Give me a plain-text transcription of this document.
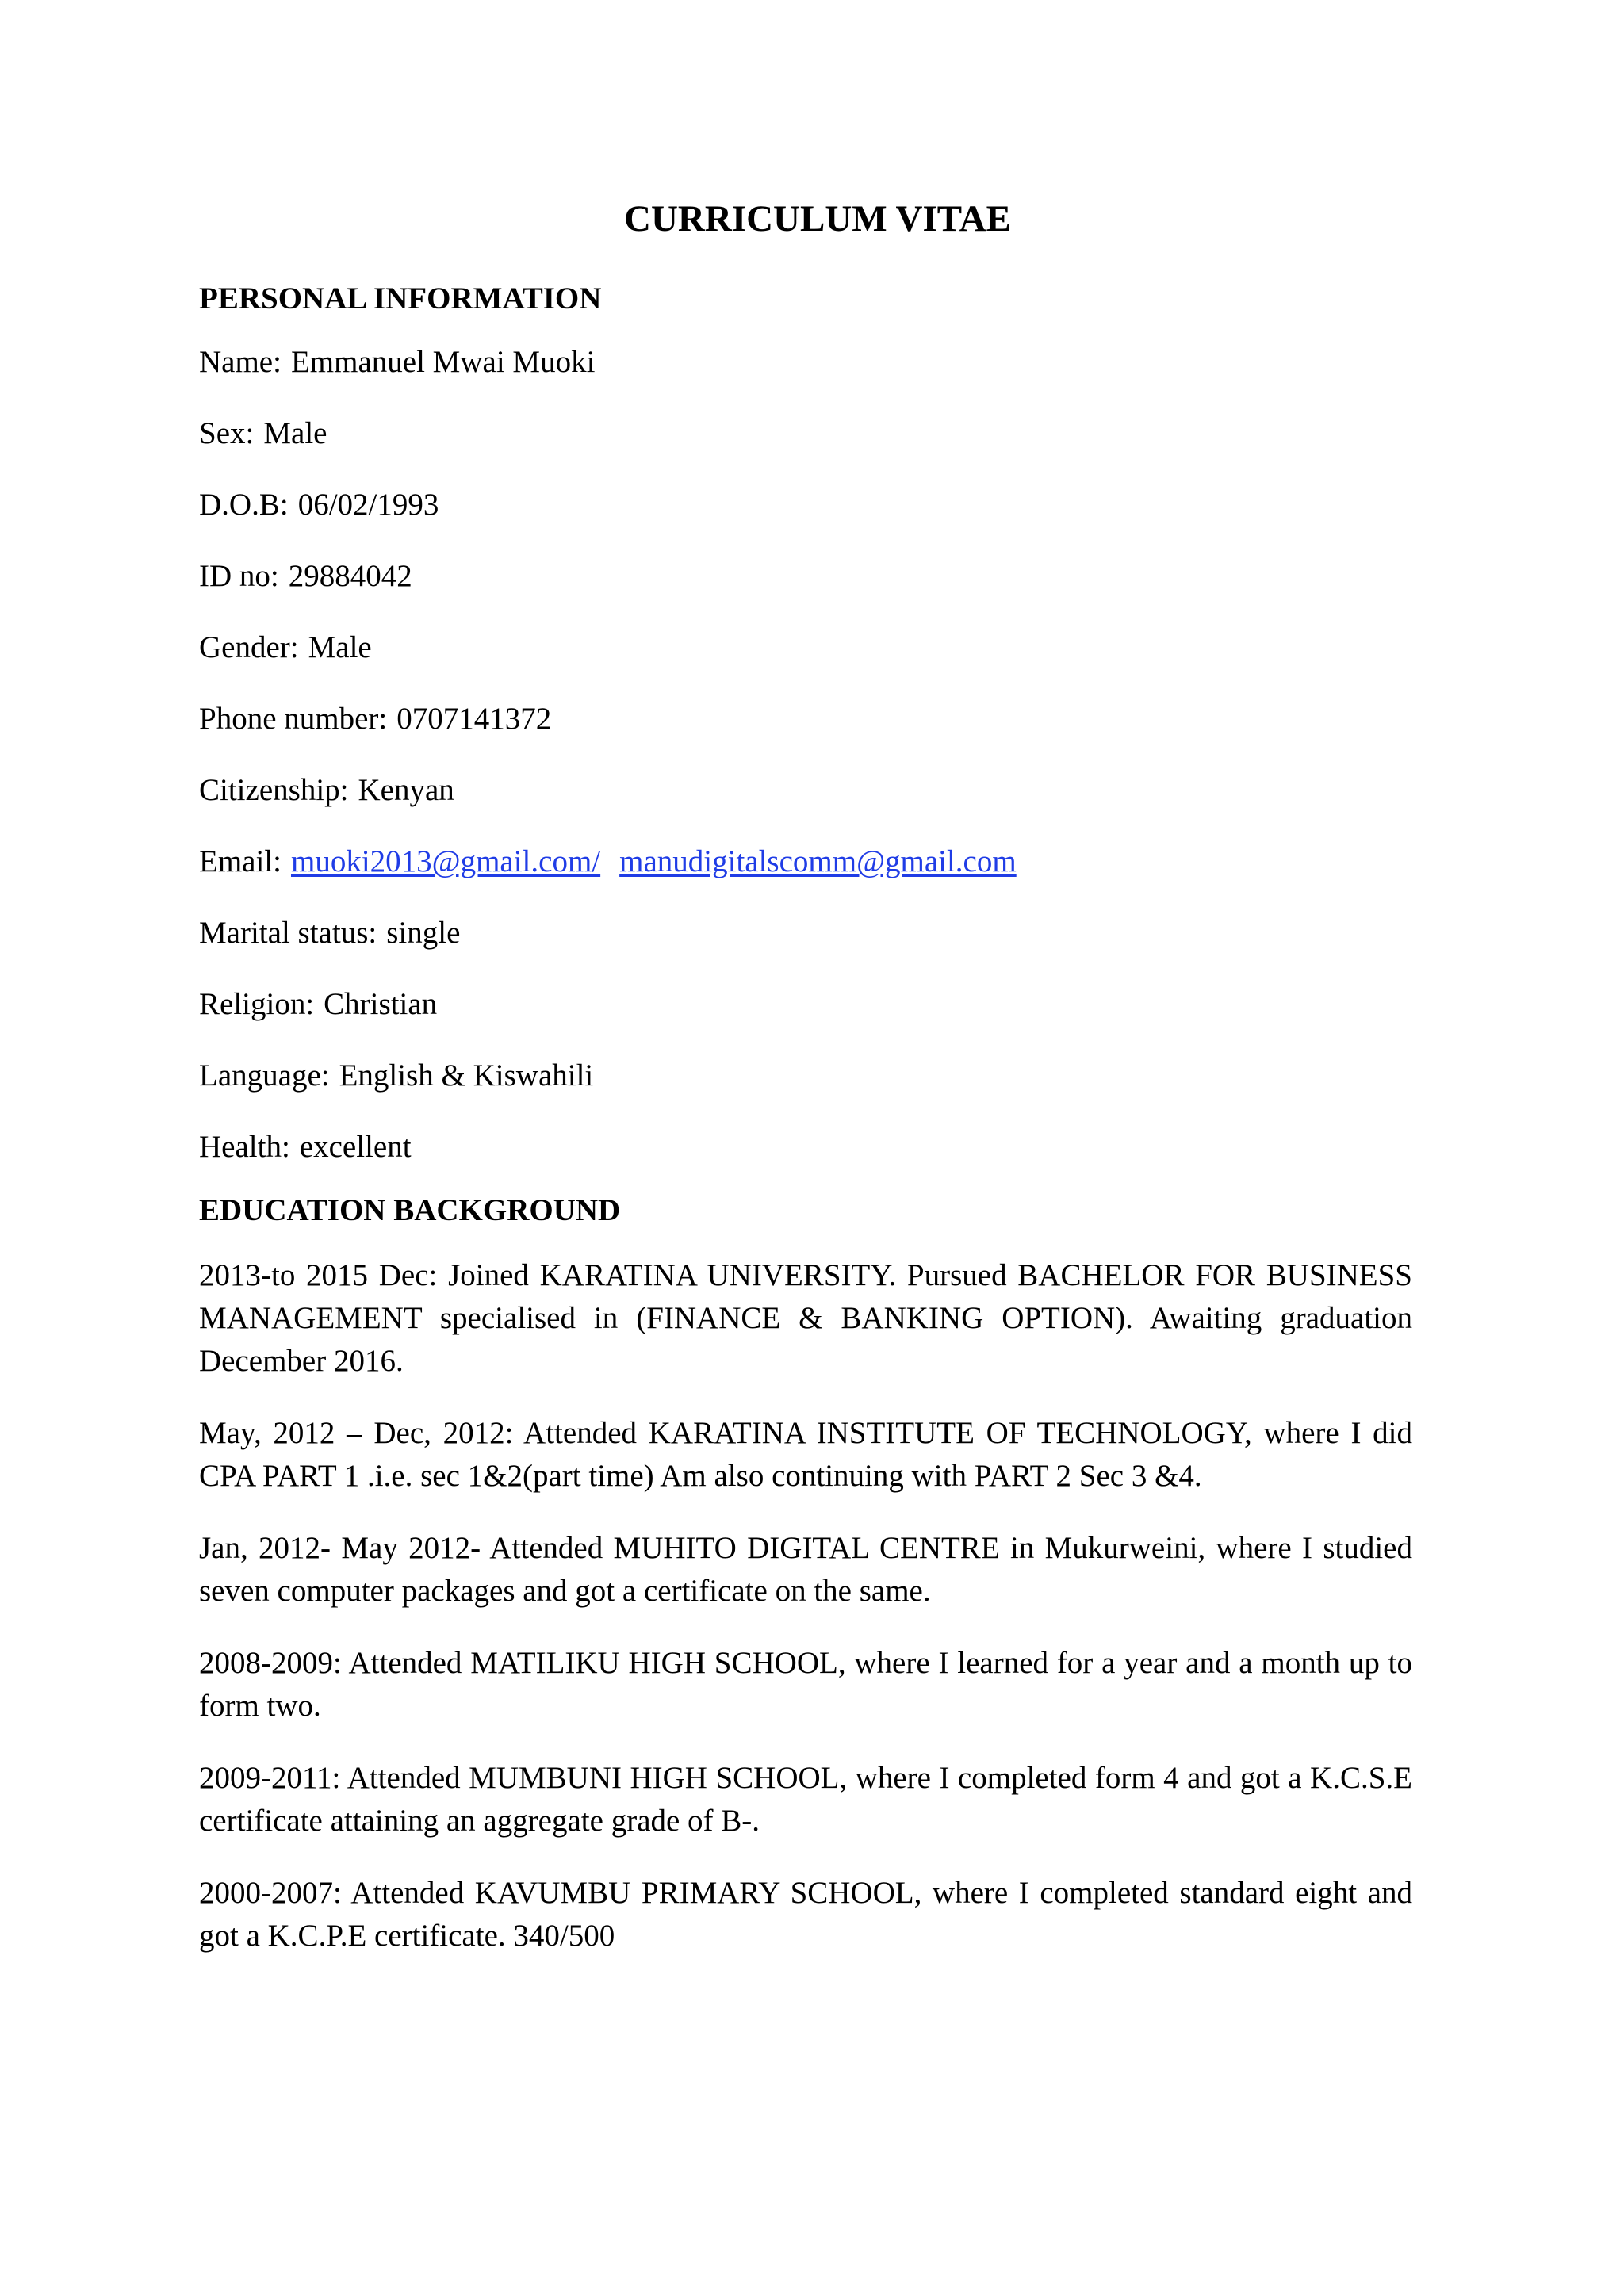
CURRICULUM VITAE
PERSONAL INFORMATION
Name: Emmanuel Mwai Muoki
Sex: Male
D.O.B: 06/02/1993
ID no: 29884042
Gender: Male
Phone number: 0707141372
Citizenship: Kenyan
Email: muoki2013@gmail.com/ manudigitalscomm@gmail.com
Marital status: single
Religion: Christian
Language: English & Kiswahili
Health: excellent
EDUCATION BACKGROUND
2013-to 2015 Dec: Joined KARATINA UNIVERSITY. Pursued BACHELOR FOR BUSINESS MANAGEMENT specialised in (FINANCE & BANKING OPTION). Awaiting graduation December 2016.
May, 2012 – Dec, 2012: Attended KARATINA INSTITUTE OF TECHNOLOGY, where I did CPA PART 1 .i.e. sec 1&2(part time) Am also continuing with PART 2 Sec 3 &4.
Jan, 2012- May 2012- Attended MUHITO DIGITAL CENTRE in Mukurweini, where I studied seven computer packages and got a certificate on the same.
2008-2009: Attended MATILIKU HIGH SCHOOL, where I learned for a year and a month up to form two.
2009-2011: Attended MUMBUNI HIGH SCHOOL, where I completed form 4 and got a K.C.S.E certificate attaining an aggregate grade of B-.
2000-2007: Attended KAVUMBU PRIMARY SCHOOL, where I completed standard eight and got a K.C.P.E certificate. 340/500
